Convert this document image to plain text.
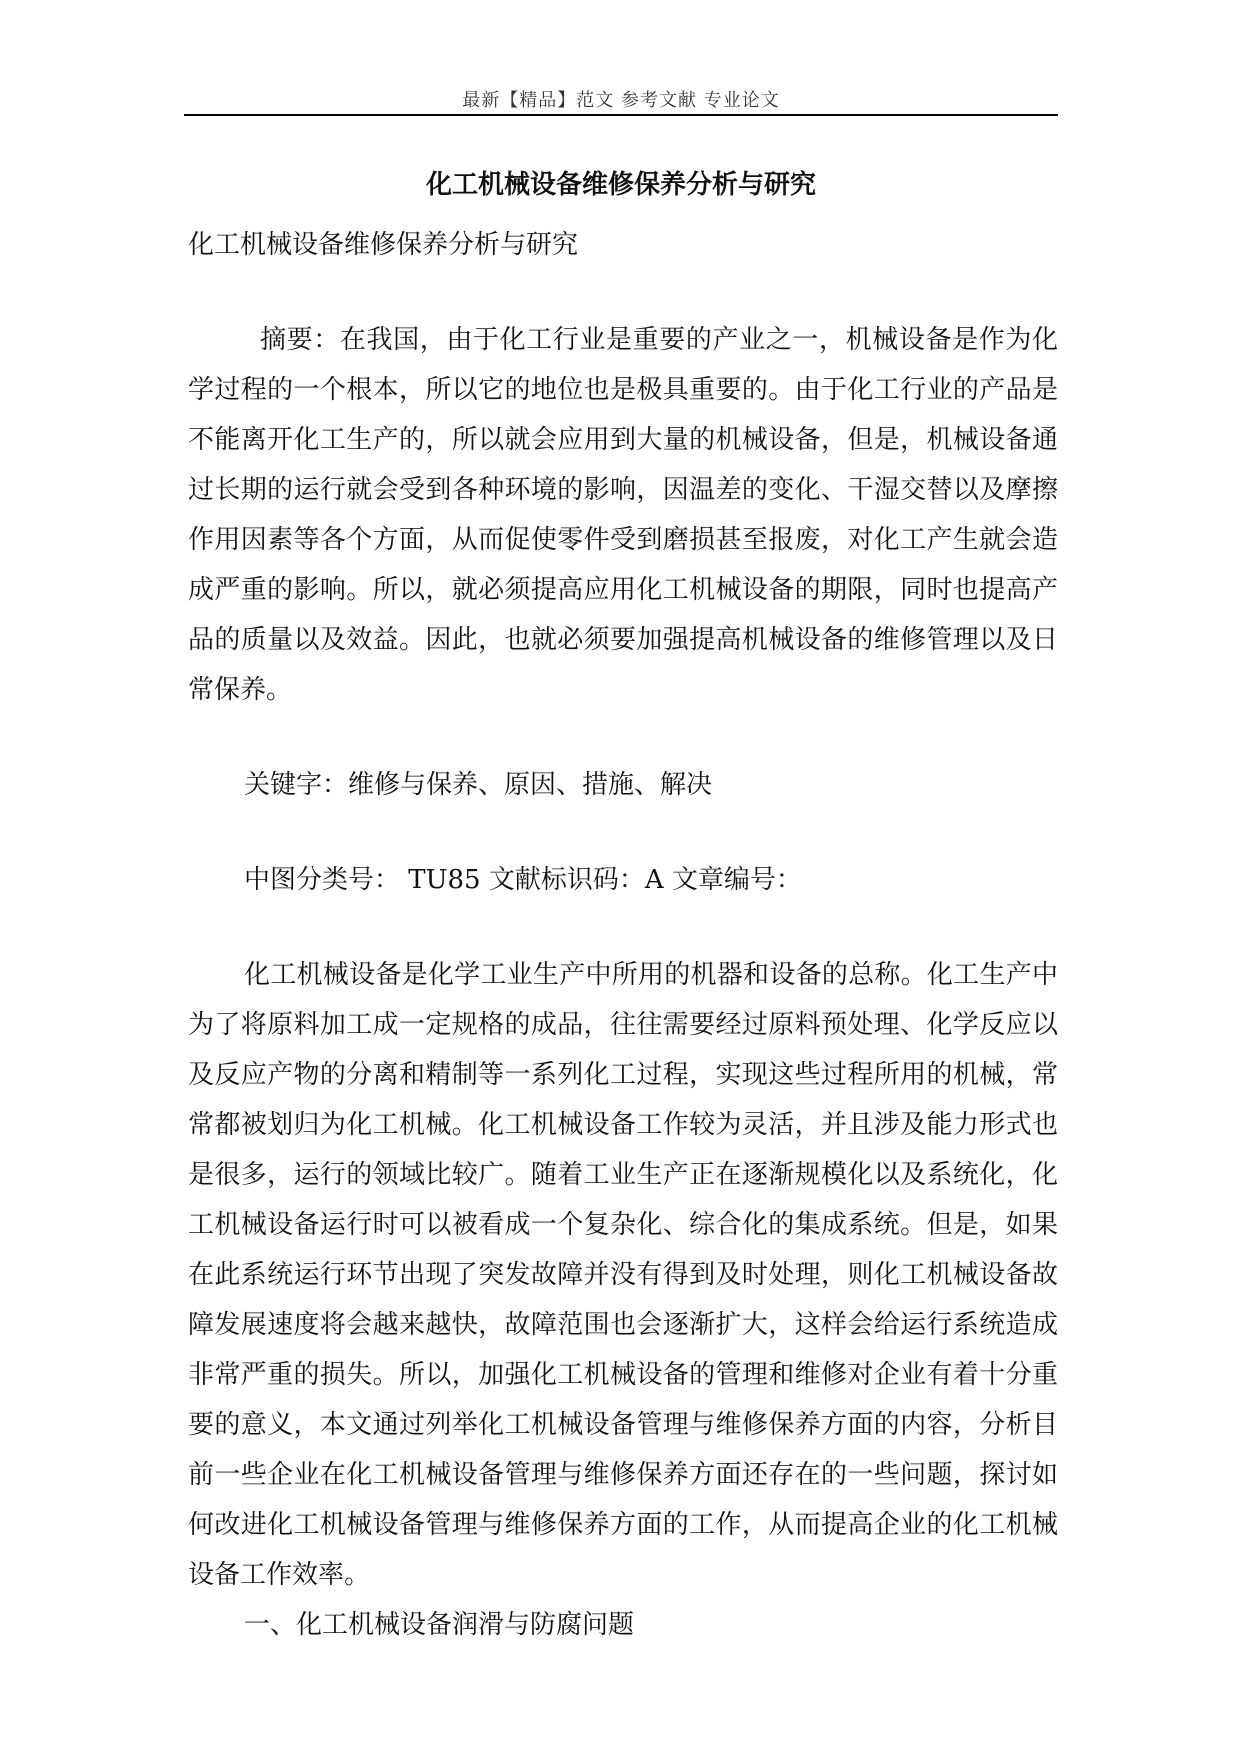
最新【精品】范文 参考文献 专业论文
化工机械设备维修保养分析与研究

化工机械设备维修保养分析与研究

摘要：在我国，由于化工行业是重要的产业之一，机械设备是作为化学过程的一个根本，所以它的地位也是极具重要的。由于化工行业的产品是不能离开化工生产的，所以就会应用到大量的机械设备，但是，机械设备通过长期的运行就会受到各种环境的影响，因温差的变化、干湿交替以及摩擦作用因素等各个方面，从而促使零件受到磨损甚至报废，对化工产生就会造成严重的影响。所以，就必须提高应用化工机械设备的期限，同时也提高产品的质量以及效益。因此，也就必须要加强提高机械设备的维修管理以及日常保养。

关键字：维修与保养、原因、措施、解决

中图分类号： TU85 文献标识码：A 文章编号：

化工机械设备是化学工业生产中所用的机器和设备的总称。化工生产中为了将原料加工成一定规格的成品，往往需要经过原料预处理、化学反应以及反应产物的分离和精制等一系列化工过程，实现这些过程所用的机械，常常都被划归为化工机械。化工机械设备工作较为灵活，并且涉及能力形式也是很多，运行的领域比较广。随着工业生产正在逐渐规模化以及系统化，化工机械设备运行时可以被看成一个复杂化、综合化的集成系统。但是，如果在此系统运行环节出现了突发故障并没有得到及时处理，则化工机械设备故障发展速度将会越来越快，故障范围也会逐渐扩大，这样会给运行系统造成非常严重的损失。所以，加强化工机械设备的管理和维修对企业有着十分重要的意义，本文通过列举化工机械设备管理与维修保养方面的内容，分析目前一些企业在化工机械设备管理与维修保养方面还存在的一些问题，探讨如何改进化工机械设备管理与维修保养方面的工作，从而提高企业的化工机械设备工作效率。

一、化工机械设备润滑与防腐问题
